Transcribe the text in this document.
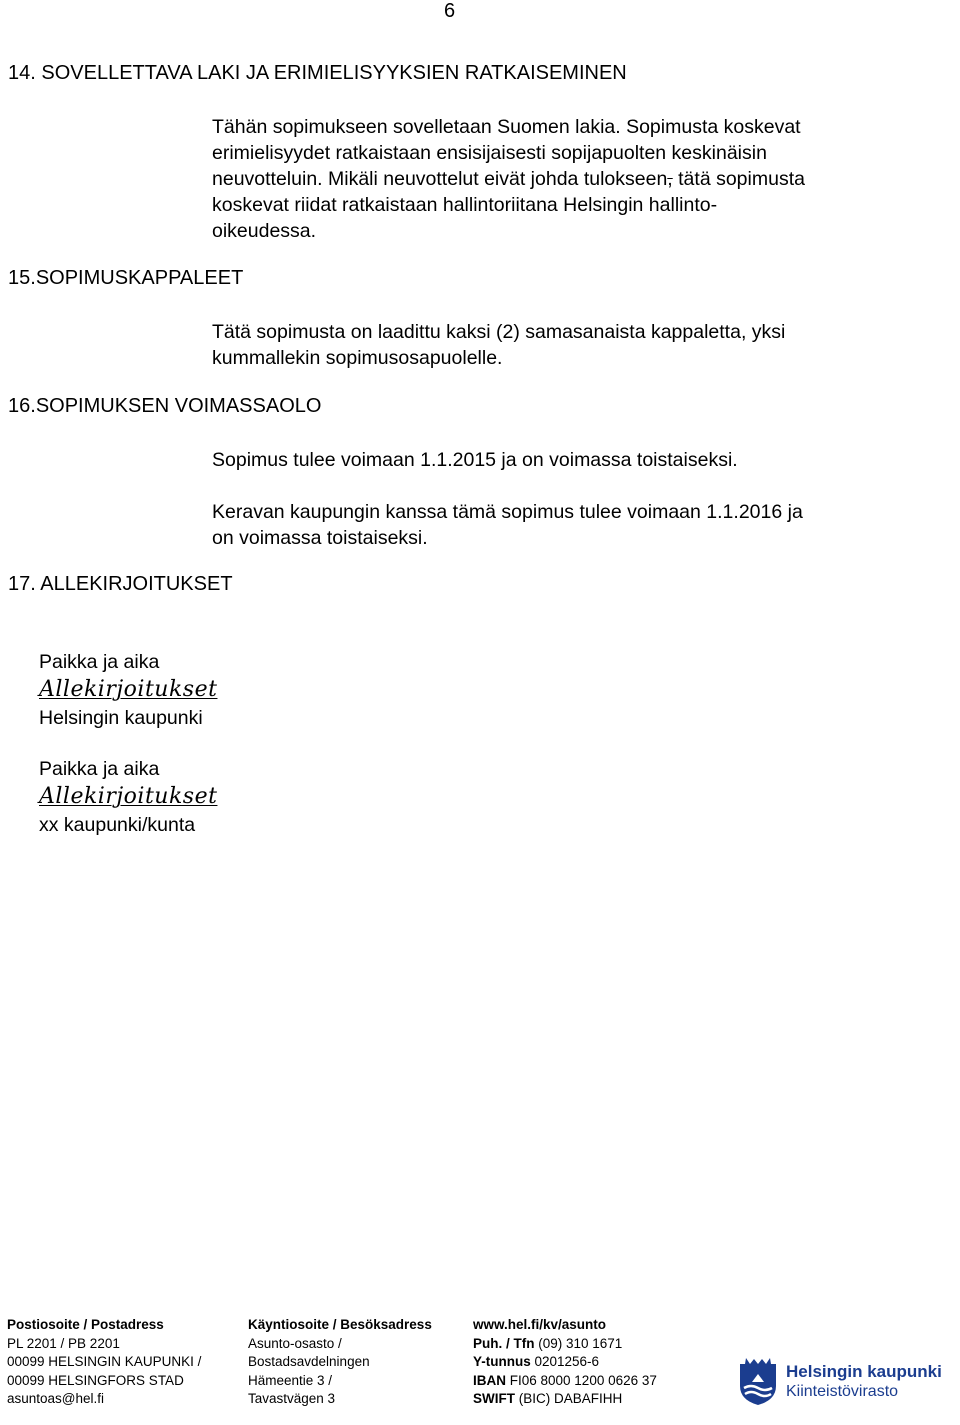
6
14. SOVELLETTAVA LAKI JA ERIMIELISYYKSIEN RATKAISEMINEN
15.SOPIMUSKAPPALEET
16.SOPIMUKSEN VOIMASSAOLO
17. ALLEKIRJOITUKSET

Tähän sopimukseen sovelletaan Suomen lakia. Sopimusta koskevat

erimielisyydet ratkaistaan ensisijaisesti sopijapuolten keskinäisin

neuvotteluin. Mikäli neuvottelut eivät johda tulokseen, tätä sopimusta

koskevat riidat ratkaistaan hallintoriitana Helsingin hallinto-

oikeudessa.

Tätä sopimusta on laadittu kaksi (2) samasanaista kappaletta, yksi

kummallekin sopimusosapuolelle.

Sopimus tulee voimaan 1.1.2015 ja on voimassa toistaiseksi.

Keravan kaupungin kanssa tämä sopimus tulee voimaan 1.1.2016 ja

on voimassa toistaiseksi.

Paikka ja aika
Allekirjoitukset
Helsingin kaupunki
Paikka ja aika
Allekirjoitukset
xx kaupunki/kunta
Postiosoite / Postadress
PL 2201 / PB 2201
00099 HELSINGIN KAUPUNKI /
00099 HELSINGFORS STAD
asuntoas@hel.fi
Käyntiosoite / Besöksadress
Asunto-osasto /
Bostadsavdelningen
Hämeentie 3 /
Tavastvägen 3
www.hel.fi/kv/asunto
Puh. / Tfn (09) 310 1671
Y-tunnus 0201256-6
IBAN FI06 8000 1200 0626 37
SWIFT (BIC) DABAFIHH
Helsingin kaupunki
Kiinteistövirasto
